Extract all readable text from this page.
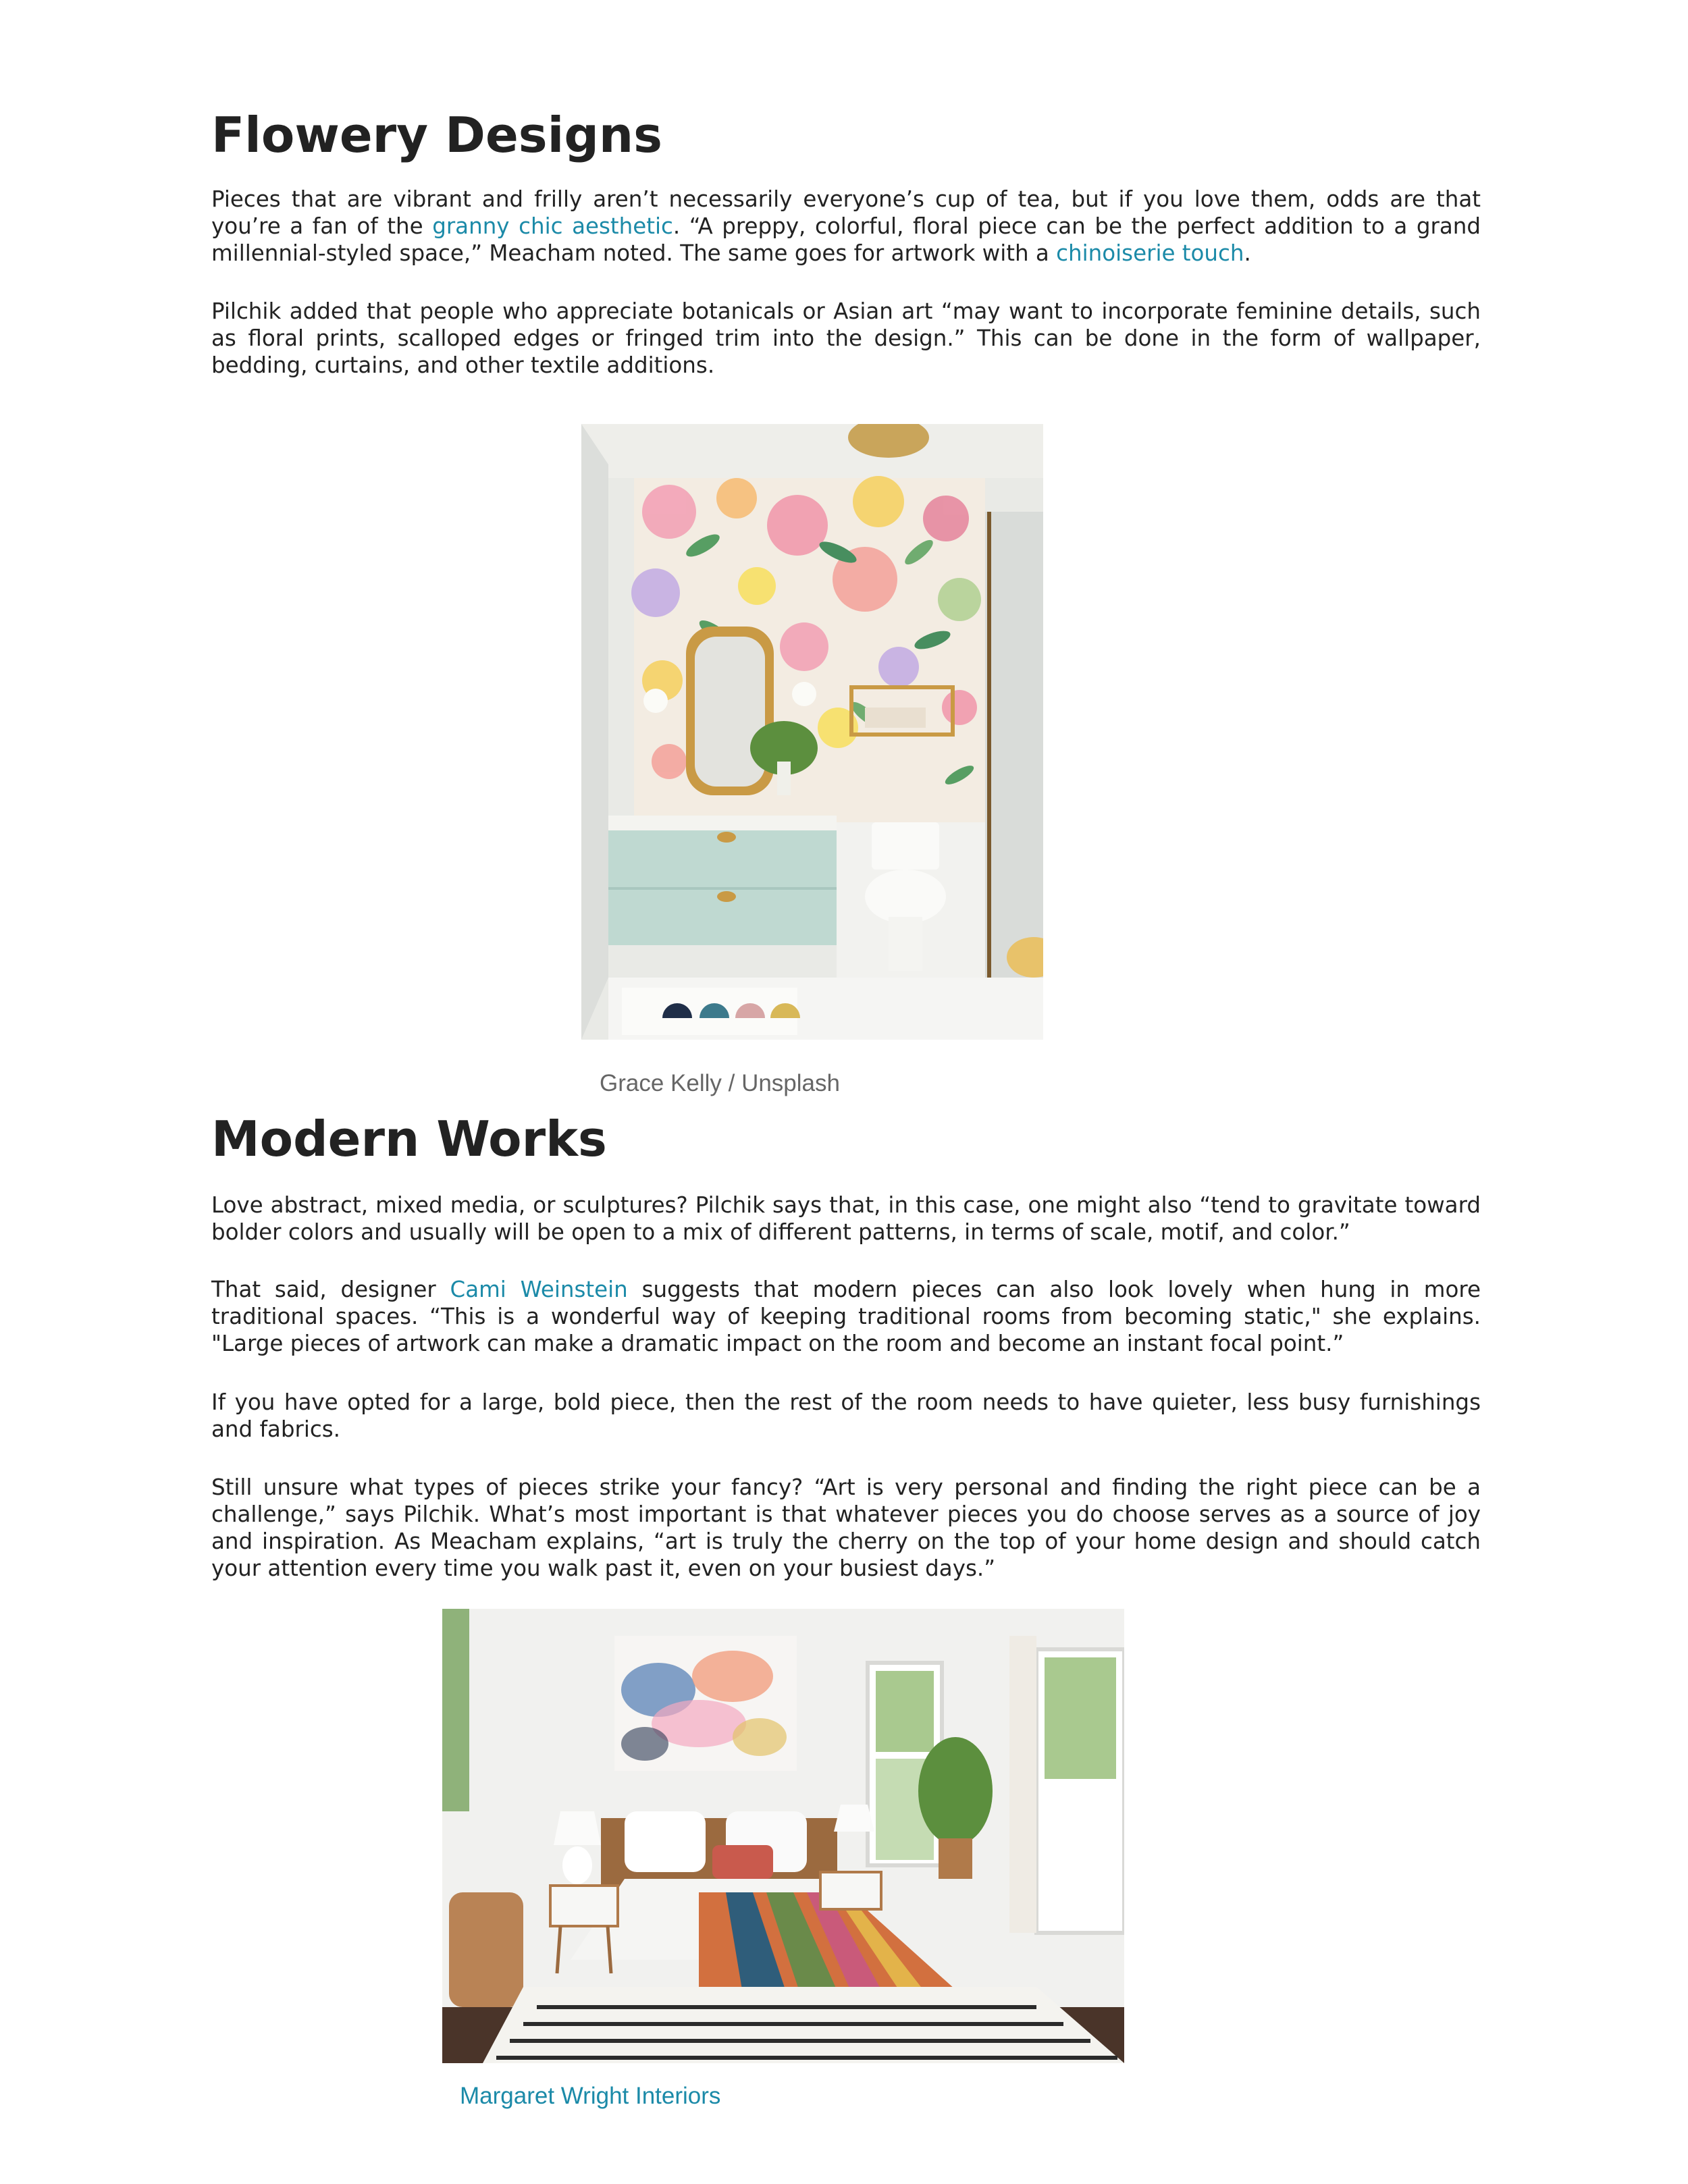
Flowery Designs

Pieces that are vibrant and frilly aren’t necessarily everyone’s cup of tea, but if you love them, odds are that you’re a fan of the granny chic aesthetic. “A preppy, colorful, floral piece can be the perfect addition to a grand millennial-styled space,” Meacham noted. The same goes for artwork with a chinoiserie touch.

Pilchik added that people who appreciate botanicals or Asian art “may want to incorporate feminine details, such as floral prints, scalloped edges or fringed trim into the design.” This can be done in the form of wallpaper, bedding, curtains, and other textile additions.

Grace Kelly / Unsplash
Modern Works

Love abstract, mixed media, or sculptures? Pilchik says that, in this case, one might also “tend to gravitate toward bolder colors and usually will be open to a mix of different patterns, in terms of scale, motif, and color.”

That said, designer Cami Weinstein suggests that modern pieces can also look lovely when hung in more traditional spaces. “This is a wonderful way of keeping traditional rooms from becoming static," she explains. "Large pieces of artwork can make a dramatic impact on the room and become an instant focal point.”

If you have opted for a large, bold piece, then the rest of the room needs to have quieter, less busy furnishings and fabrics.

Still unsure what types of pieces strike your fancy? “Art is very personal and finding the right piece can be a challenge,” says Pilchik. What’s most important is that whatever pieces you do choose serves as a source of joy and inspiration. As Meacham explains, “art is truly the cherry on the top of your home design and should catch your attention every time you walk past it, even on your busiest days.”

Margaret Wright Interiors
